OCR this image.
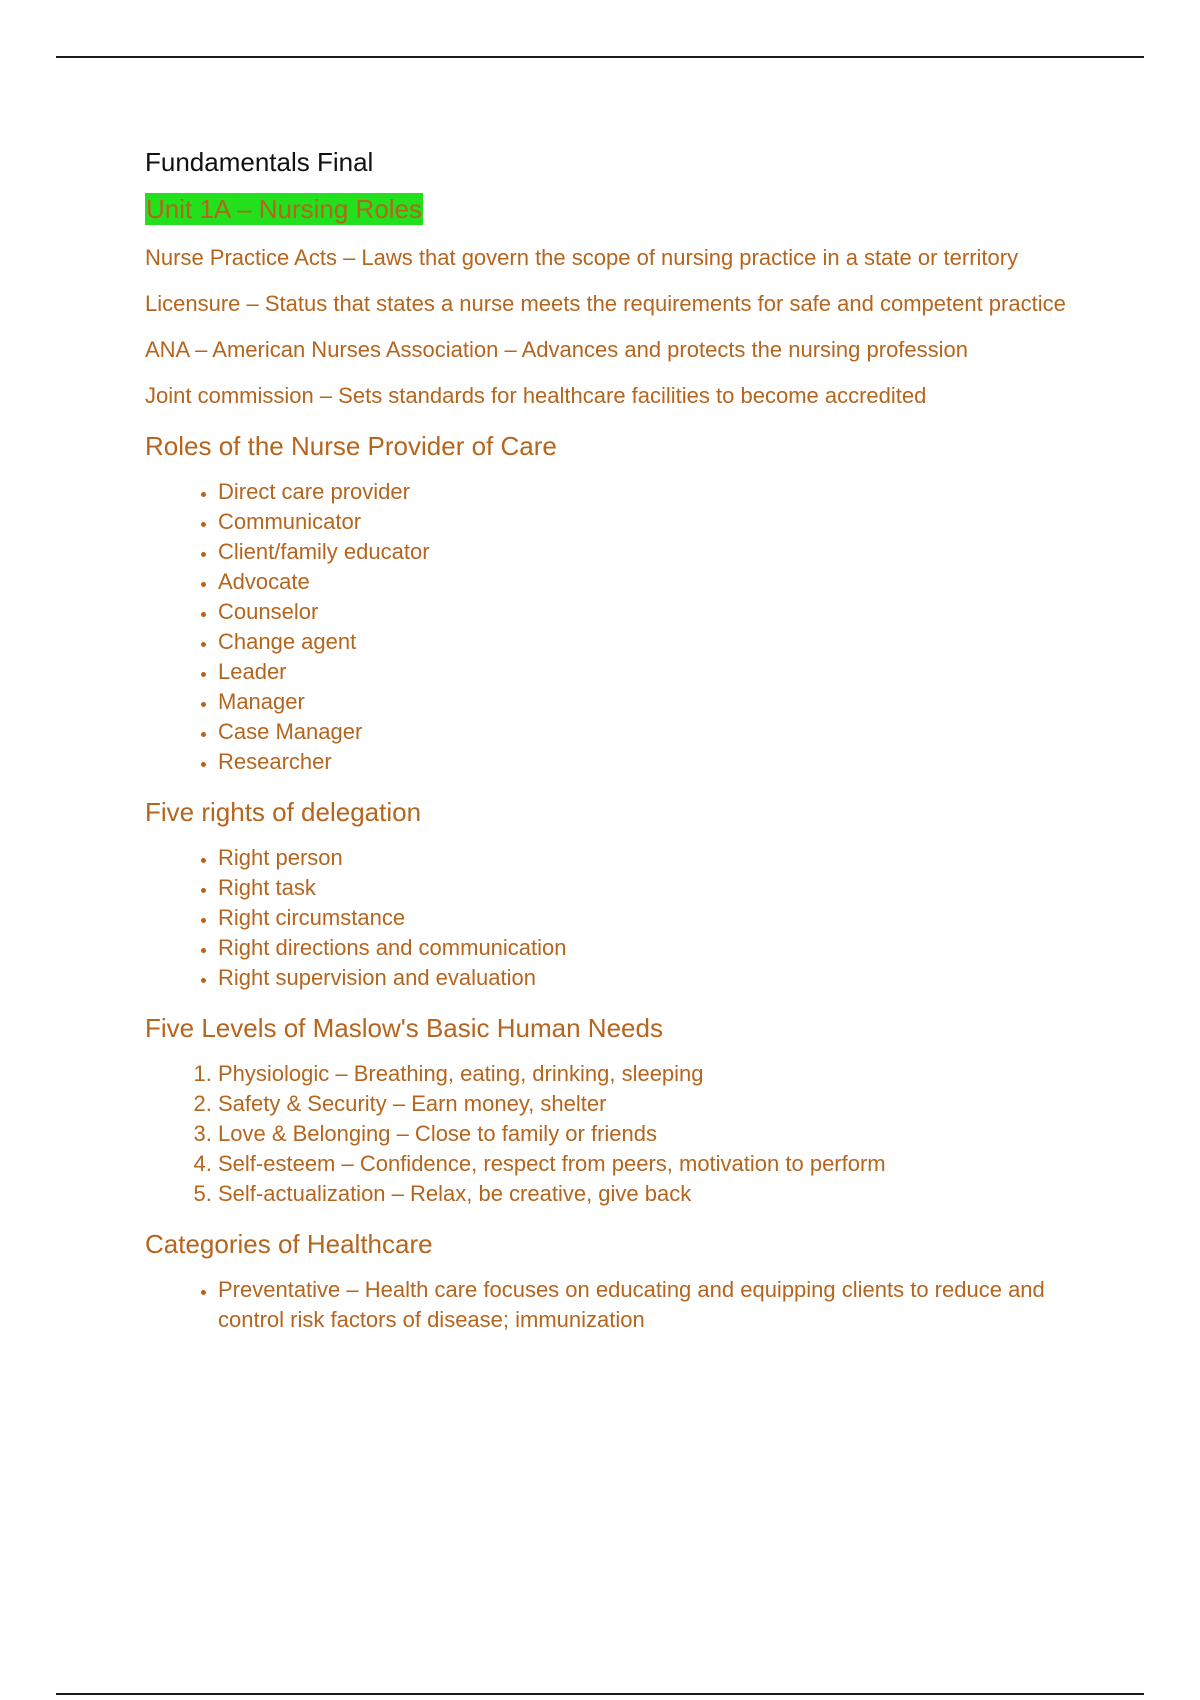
Fundamentals Final
Unit 1A – Nursing Roles

Nurse Practice Acts – Laws that govern the scope of nursing practice in a state or territory

Licensure – Status that states a nurse meets the requirements for safe and competent practice

ANA – American Nurses Association – Advances and protects the nursing profession

Joint commission – Sets standards for healthcare facilities to become accredited

Roles of the Nurse Provider of Care
• Direct care provider
• Communicator
• Client/family educator
• Advocate
• Counselor
• Change agent
• Leader
• Manager
• Case Manager
• Researcher
Five rights of delegation
• Right person
• Right task
• Right circumstance
• Right directions and communication
• Right supervision and evaluation
Five Levels of Maslow's Basic Human Needs
1. Physiologic – Breathing, eating, drinking, sleeping
2. Safety & Security – Earn money, shelter
3. Love & Belonging – Close to family or friends
4. Self-esteem – Confidence, respect from peers, motivation to perform
5. Self-actualization – Relax, be creative, give back
Categories of Healthcare
• Preventative – Health care focuses on educating and equipping clients to reduce and control risk factors of disease; immunization
